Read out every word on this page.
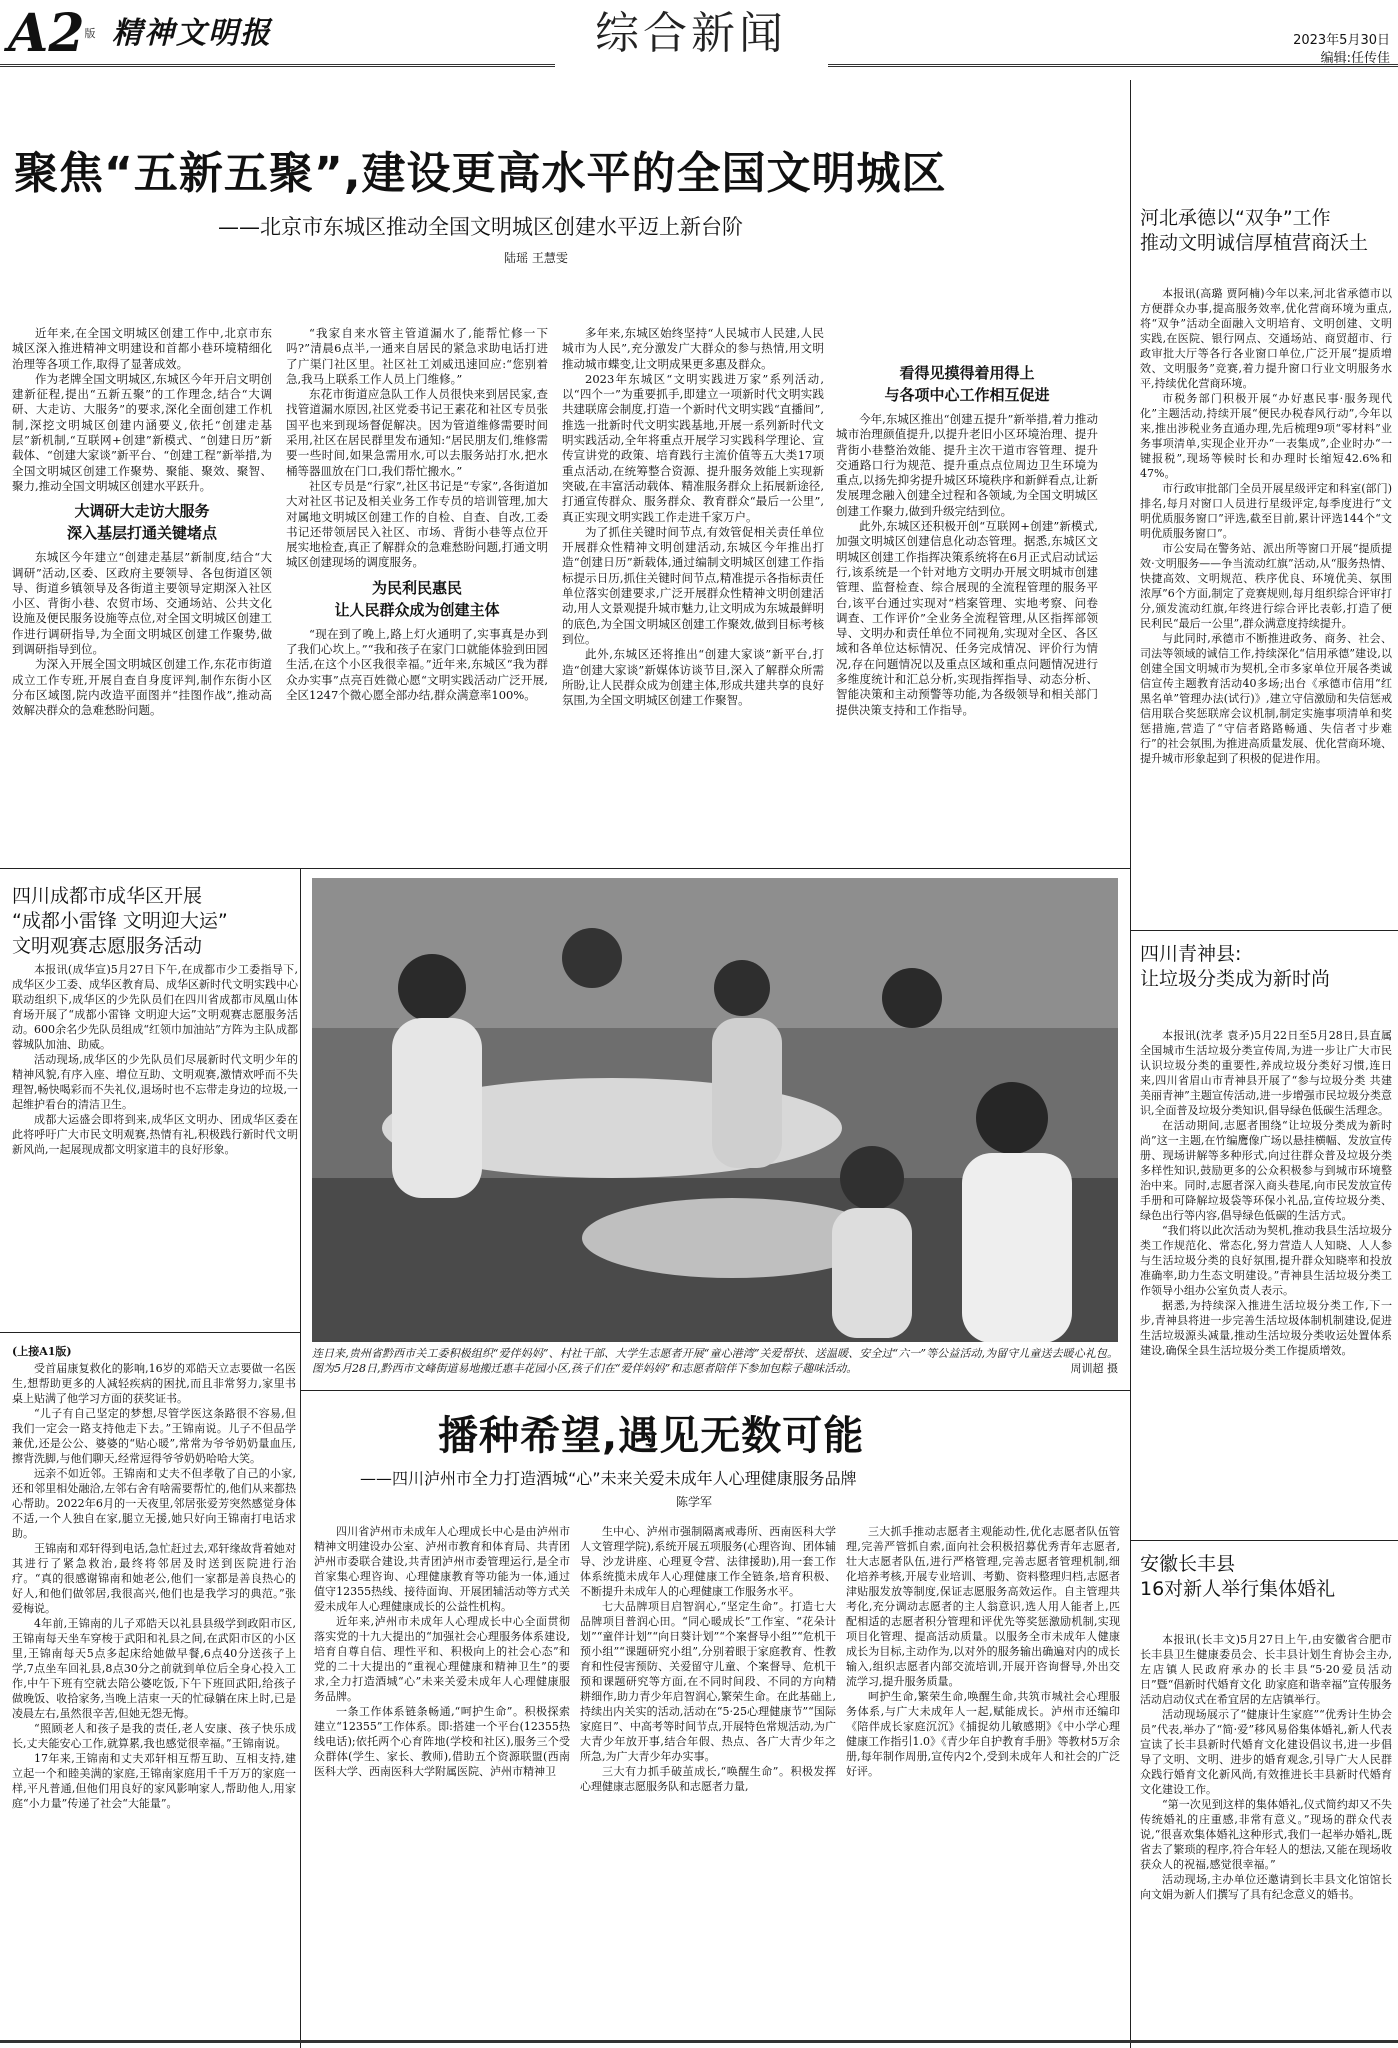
A2版 精神文明报	综合新闻	2023年5月30日
编辑:任传佳
聚焦“五新五聚”,建设更高水平的全国文明城区
——北京市东城区推动全国文明城区创建水平迈上新台阶
陆瑶 王慧雯

近年来,在全国文明城区创建工作中,北京市东城区深入推进精神文明建设和首都小巷环境精细化治理等各项工作,取得了显著成效。

作为老牌全国文明城区,东城区今年开启文明创建新征程,提出“五新五聚”的工作理念,结合“大调研、大走访、大服务”的要求,深化全面创建工作机制,深挖文明城区创建内涵要义,依托“创建走基层”新机制,“互联网+创建”新模式、“创建日历”新载体、“创建大家谈”新平台、“创建工程”新举措,为全国文明城区创建工作聚势、聚能、聚效、聚智、聚力,推动全国文明城区创建水平跃升。

大调研大走访大服务
深入基层打通关键堵点

东城区今年建立“创建走基层”新制度,结合“大调研”活动,区委、区政府主要领导、各包街道区领导、街道乡镇领导及各街道主要领导定期深入社区小区、背街小巷、农贸市场、交通场站、公共文化设施及便民服务设施等点位,对全国文明城区创建工作进行调研指导,为全面文明城区创建工作聚势,做到调研指导到位。

为深入开展全国文明城区创建工作,东花市街道成立工作专班,开展自查自身度评判,制作东街小区分布区域图,院内改造平面图并“挂图作战”,推动高效解决群众的急难愁盼问题。

“我家自来水管主管道漏水了,能帮忙修一下吗?”清晨6点半,一通来自居民的紧急求助电话打进了广渠门社区里。社区社工刘威迅速回应:“您别着急,我马上联系工作人员上门维修。”

东花市街道应急队工作人员很快来到居民家,查找管道漏水原因,社区党委书记王素花和社区专员张国平也来到现场督促解决。因为管道维修需要时间采用,社区在居民群里发布通知:“居民朋友们,维修需要一些时间,如果急需用水,可以去服务站打水,把水桶等器皿放在门口,我们帮忙搬水。”

社区专员是“行家”,社区书记是“专家”,各街道加大对社区书记及相关业务工作专员的培训管理,加大对属地文明城区创建工作的自检、自查、自改,工委书记还带领居民入社区、市场、背街小巷等点位开展实地检查,真正了解群众的急难愁盼问题,打通文明城区创建现场的调度服务。

为民利民惠民
让人民群众成为创建主体

“现在到了晚上,路上灯火通明了,实事真是办到了我们心坎上。”“我和孩子在家门口就能体验到田园生活,在这个小区我很幸福。”近年来,东城区“我为群众办实事”点亮百姓微心愿“文明实践活动广泛开展,全区1247个微心愿全部办结,群众满意率100%。

多年来,东城区始终坚持“人民城市人民建,人民城市为人民”,充分激发广大群众的参与热情,用文明推动城市蝶变,让文明成果更多惠及群众。

2023年东城区“文明实践进万家”系列活动,以“四个一”为重要抓手,即建立一项新时代文明实践共建联席会制度,打造一个新时代文明实践“直播间”,推选一批新时代文明实践基地,开展一系列新时代文明实践活动,全年将重点开展学习实践科学理论、宣传宣讲党的政策、培育践行主流价值等五大类17项重点活动,在统筹整合资源、提升服务效能上实现新突破,在丰富活动载体、精准服务群众上拓展新途径,打通宣传群众、服务群众、教育群众“最后一公里”,真正实现文明实践工作走进千家万户。

为了抓住关键时间节点,有效管促相关责任单位开展群众性精神文明创建活动,东城区今年推出打造“创建日历”新载体,通过编制文明城区创建工作指标提示日历,抓住关键时间节点,精准提示各指标责任单位落实创建要求,广泛开展群众性精神文明创建活动,用人文景观提升城市魅力,让文明成为东城最鲜明的底色,为全国文明城区创建工作聚效,做到目标考核到位。

此外,东城区还将推出“创建大家谈”新平台,打造“创建大家谈”新媒体访谈节目,深入了解群众所需所盼,让人民群众成为创建主体,形成共建共享的良好氛围,为全国文明城区创建工作聚智。

看得见摸得着用得上
与各项中心工作相互促进

今年,东城区推出“创建五提升”新举措,着力推动城市治理颜值提升,以提升老旧小区环境治理、提升背街小巷整治效能、提升主次干道市容管理、提升交通路口行为规范、提升重点点位周边卫生环境为重点,以扬先抑劣提升城区环境秩序和新鲜看点,让新发展理念融入创建全过程和各领域,为全国文明城区创建工作聚力,做到升级完结到位。

此外,东城区还积极开创“互联网+创建”新模式,加强文明城区创建信息化动态管理。据悉,东城区文明城区创建工作指挥决策系统将在6月正式启动试运行,该系统是一个针对地方文明办开展文明城市创建管理、监督检查、综合展现的全流程管理的服务平台,该平台通过实现对“档案管理、实地考察、问卷调查、工作评价”全业务全流程管理,从区指挥部领导、文明办和责任单位不同视角,实现对全区、各区域和各单位达标情况、任务完成情况、评价行为情况,存在问题情况以及重点区域和重点问题情况进行多维度统计和汇总分析,实现指挥指导、动态分析、智能决策和主动预警等功能,为各级领导和相关部门提供决策支持和工作指导。

河北承德以“双争”工作
推动文明诚信厚植营商沃土

本报讯(高璐 贾阿楠)今年以来,河北省承德市以方便群众办事,提高服务效率,优化营商环境为重点,将“双争”活动全面融入文明培育、文明创建、文明实践,在医院、银行网点、交通场站、商贸超市、行政审批大厅等各行各业窗口单位,广泛开展“提质增效、文明服务”竞赛,着力提升窗口行业文明服务水平,持续优化营商环境。

市税务部门积极开展“办好惠民事·服务现代化”主题活动,持续开展“便民办税春风行动”,今年以来,推出涉税业务直通办理,先后梳理9项“零材料”业务事项清单,实现企业开办“一表集成”,企业时办“一键报税”,现场等候时长和办理时长缩短42.6%和47%。

市行政审批部门全员开展星级评定和科室(部门)排名,每月对窗口人员进行星级评定,每季度进行“文明优质服务窗口”评选,截至目前,累计评选144个“文明优质服务窗口”。

市公安局在警务站、派出所等窗口开展“提质提效·文明服务——争当流动红旗”活动,从“服务热情、快捷高效、文明规范、秩序优良、环境优美、氛围浓厚”6个方面,制定了竞赛规则,每月组织综合评审打分,颁发流动红旗,年终进行综合评比表彰,打造了便民利民“最后一公里”,群众满意度持续提升。

与此同时,承德市不断推进政务、商务、社会、司法等领域的诚信工作,持续深化“信用承德”建设,以创建全国文明城市为契机,全市多家单位开展各类诚信宣传主题教育活动40多场;出台《承德市信用“红黑名单”管理办法(试行)》,建立守信激励和失信惩戒信用联合奖惩联席会议机制,制定实施事项清单和奖惩措施,营造了“守信者路路畅通、失信者寸步难行”的社会氛围,为推进高质量发展、优化营商环境、提升城市形象起到了积极的促进作用。

四川成都市成华区开展
“成都小雷锋 文明迎大运”
文明观赛志愿服务活动

本报讯(成华宣)5月27日下午,在成都市少工委指导下,成华区少工委、成华区教育局、成华区新时代文明实践中心联动组织下,成华区的少先队员们在四川省成都市凤凰山体育场开展了“成都小雷锋 文明迎大运”文明观赛志愿服务活动。600余名少先队员组成“红领巾加油站”方阵为主队成都蓉城队加油、助威。

活动现场,成华区的少先队员们尽展新时代文明少年的精神风貌,有序入座、增位互助、文明观赛,激情欢呼而不失理智,畅快喝彩而不失礼仪,退场时也不忘带走身边的垃圾,一起维护看台的清洁卫生。

成都大运盛会即将到来,成华区文明办、团成华区委在此将呼吁广大市民文明观赛,热情有礼,积极践行新时代文明新风尚,一起展现成都文明家道丰的良好形象。

(上接A1版)

受首届康复救化的影响,16岁的邓皓天立志要做一名医生,想帮助更多的人减轻疾病的困扰,而且非常努力,家里书桌上贴满了他学习方面的获奖证书。

“儿子有自己坚定的梦想,尽管学医这条路很不容易,但我们一定会一路支持他走下去。”王锦南说。儿子不但品学兼优,还是公公、婆婆的“贴心暖”,常常为爷爷奶奶量血压,擦背洗脚,与他们聊天,经常逗得爷爷奶奶哈哈大笑。

远亲不如近邻。王锦南和丈夫不但孝敬了自己的小家,还和邻里相处融洽,左邻右舍有啥需要帮忙的,他们从来都热心帮助。2022年6月的一天夜里,邻居张爱芳突然感觉身体不适,一个人独自在家,腿立无援,她只好向王锦南打电话求助。

王锦南和邓轩得到电话,急忙赶过去,邓轩缘故背着她对其进行了紧急救治,最终将邻居及时送到医院进行治疗。“真的很感谢锦南和她老公,他们一家都是善良热心的好人,和他们做邻居,我很高兴,他们也是我学习的典范。”张爱梅说。

4年前,王锦南的儿子邓皓天以礼县县级学到政阳市区,王锦南每天坐车穿梭于武阳和礼县之间,在武阳市区的小区里,王锦南每天5点多起床给她做早餐,6点40分送孩子上学,7点坐车回礼县,8点30分之前就到单位后全身心投入工作,中午下班有空就去陪公婆吃饭,下午下班回武阳,给孩子做晚饭、收拾家务,当晚上洁束一天的忙碌躺在床上时,已是凌晨左右,虽然很辛苦,但她无怨无悔。

“照顾老人和孩子是我的责任,老人安康、孩子快乐成长,丈夫能安心工作,就算累,我也感觉很幸福。”王锦南说。

17年来,王锦南和丈夫邓轩相互帮互助、互相支持,建立起一个和睦美满的家庭,王锦南家庭用千千万万的家庭一样,平凡普通,但他们用良好的家风影响家人,帮助他人,用家庭“小力量”传递了社会“大能量”。

连日来,贵州省黔西市关工委积极组织“爱伴妈妈”、村社干部、大学生志愿者开展“童心港湾”关爱帮扶、送温暖、安全过“六一”等公益活动,为留守儿童送去暖心礼包。图为5月28日,黔西市文峰街道易地搬迁惠丰花园小区,孩子们在“爱伴妈妈”和志愿者陪伴下参加包粽子趣味活动。	周训超 摄
播种希望,遇见无数可能
——四川泸州市全力打造酒城“心”未来关爱未成年人心理健康服务品牌
陈学军

四川省泸州市未成年人心理成长中心是由泸州市精神文明建设办公室、泸州市教育和体育局、共青团泸州市委联合建设,共青团泸州市委管理运行,是全市首家集心理咨询、心理健康教育等功能为一体,通过值守12355热线、接待面询、开展团辅活动等方式关爱未成年人心理健康成长的公益性机构。

近年来,泸州市未成年人心理成长中心全面贯彻落实党的十九大提出的“加强社会心理服务体系建设,培育自尊自信、理性平和、积极向上的社会心态”和党的二十大提出的“重视心理健康和精神卫生”的要求,全力打造酒城“心”未来关爱未成年人心理健康服务品牌。

一条工作体系链条畅通,“呵护生命”。积极探索建立“12355”工作体系。即:搭建一个平台(12355热线电话);依托两个心育阵地(学校和社区),服务三个受众群体(学生、家长、教师),借助五个资源联盟(西南医科大学、西南医科大学附属医院、泸州市精神卫

生中心、泸州市强制隔离戒毒所、西南医科大学人文管理学院),系统开展五项服务(心理咨询、团体辅导、沙龙讲座、心理夏令营、法律援助),用一套工作体系统揽未成年人心理健康工作全链条,培育积极、不断提升未成年人的心理健康工作服务水平。

七大品牌项目启智润心,“坚定生命”。打造七大品牌项目普润心田。“同心暖成长”工作室、“花朵计划”“童伴计划”“向日葵计划”“个案督导小组”“危机干预小组”“课题研究小组”,分别着眼于家庭教育、性教育和性侵害预防、关爱留守儿童、个案督导、危机干预和课题研究等方面,在不同时间段、不同的方向精耕细作,助力青少年启智润心,繁荣生命。在此基础上,持续出内关实的活动,活动在“5·25心理健康节”“国际家庭日”、中高考等时间节点,开展特色常规活动,为广大青少年放开事,结合年假、热点、各广大青少年之所急,为广大青少年办实事。

三大有力抓手破茧成长,“唤醒生命”。积极发挥心理健康志愿服务队和志愿者力量,

三大抓手推动志愿者主观能动性,优化志愿者队伍管理,完善严管抓自索,面向社会积极招募优秀青年志愿者,壮大志愿者队伍,进行严格管理,完善志愿者管理机制,细化培养考核,开展专业培训、考勤、资料整理归档,志愿者津贴服发放等制度,保证志愿服务高效运作。自主管理共考化,充分调动志愿者的主人翁意识,选人用人能者上,匹配相适的志愿者积分管理和评优先等奖惩激励机制,实现项目化管理、提高活动质量。以服务全市未成年人健康成长为目标,主动作为,以对外的服务输出确遍对内的成长输入,组织志愿者内部交流培训,开展开咨询督导,外出交流学习,提升服务质量。

呵护生命,繁荣生命,唤醒生命,共筑市城社会心理服务体系,与广大未成年人一起,赋能成长。泸州市还编印《陪伴成长家庭沉沉》《捕捉幼儿敏感期》《中小学心理健康工作指引1.0》《青少年自护教育手册》等教材5万余册,每年制作周册,宣传内2个,受到未成年人和社会的广泛好评。

四川青神县:
让垃圾分类成为新时尚

本报讯(沈孝 袁矛)5月22日至5月28日,县直属全国城市生活垃圾分类宣传周,为进一步让广大市民认识垃圾分类的重要性,养成垃圾分类好习惯,连日来,四川省眉山市青神县开展了“参与垃圾分类 共建美丽青神”主题宣传活动,进一步增强市民垃圾分类意识,全面普及垃圾分类知识,倡导绿色低碳生活理念。

在活动期间,志愿者围绕“让垃圾分类成为新时尚”这一主题,在竹编鹰像广场以悬挂横幅、发放宣传册、现场讲解等多种形式,向过往群众普及垃圾分类多样性知识,鼓励更多的公众积极参与到城市环境整治中来。同时,志愿者深入商头巷尾,向市民发放宣传手册和可降解垃圾袋等环保小礼品,宣传垃圾分类、绿色出行等内容,倡导绿色低碳的生活方式。

“我们将以此次活动为契机,推动我县生活垃圾分类工作规范化、常态化,努力营造人人知晓、人人参与生活垃圾分类的良好氛围,提升群众知晓率和投放准确率,助力生态文明建设。”青神县生活垃圾分类工作领导小组办公室负责人表示。

据悉,为持续深入推进生活垃圾分类工作,下一步,青神县将进一步完善生活垃圾体制机制建设,促进生活垃圾源头减量,推动生活垃圾分类收运处置体系建设,确保全县生活垃圾分类工作提质增效。

安徽长丰县
16对新人举行集体婚礼

本报讯(长丰文)5月27日上午,由安徽省合肥市长丰县卫生健康委员会、长丰县计划生育协会主办,左店镇人民政府承办的长丰县“5·20爱员活动日”暨“倡新时代婚育文化 助家庭和谐幸福”宣传服务活动启动仪式在希宜居的左店镇举行。

活动现场展示了“健康计生家庭”“优秀计生协会员”代表,举办了“简·爱”移风易俗集体婚礼,新人代表宣读了长丰县新时代婚育文化建设倡议书,进一步倡导了文明、文明、进步的婚育观念,引导广大人民群众践行婚育文化新风尚,有效推进长丰县新时代婚育文化建设工作。

“第一次见到这样的集体婚礼,仪式简约却又不失传统婚礼的庄重感,非常有意义。”现场的群众代表说,“很喜欢集体婚礼这种形式,我们一起举办婚礼,既省去了繁琐的程序,符合年轻人的想法,又能在现场收获众人的祝福,感觉很幸福。”

活动现场,主办单位还邀请到长丰县文化馆馆长向文娟为新人们撰写了具有纪念意义的婚书。
